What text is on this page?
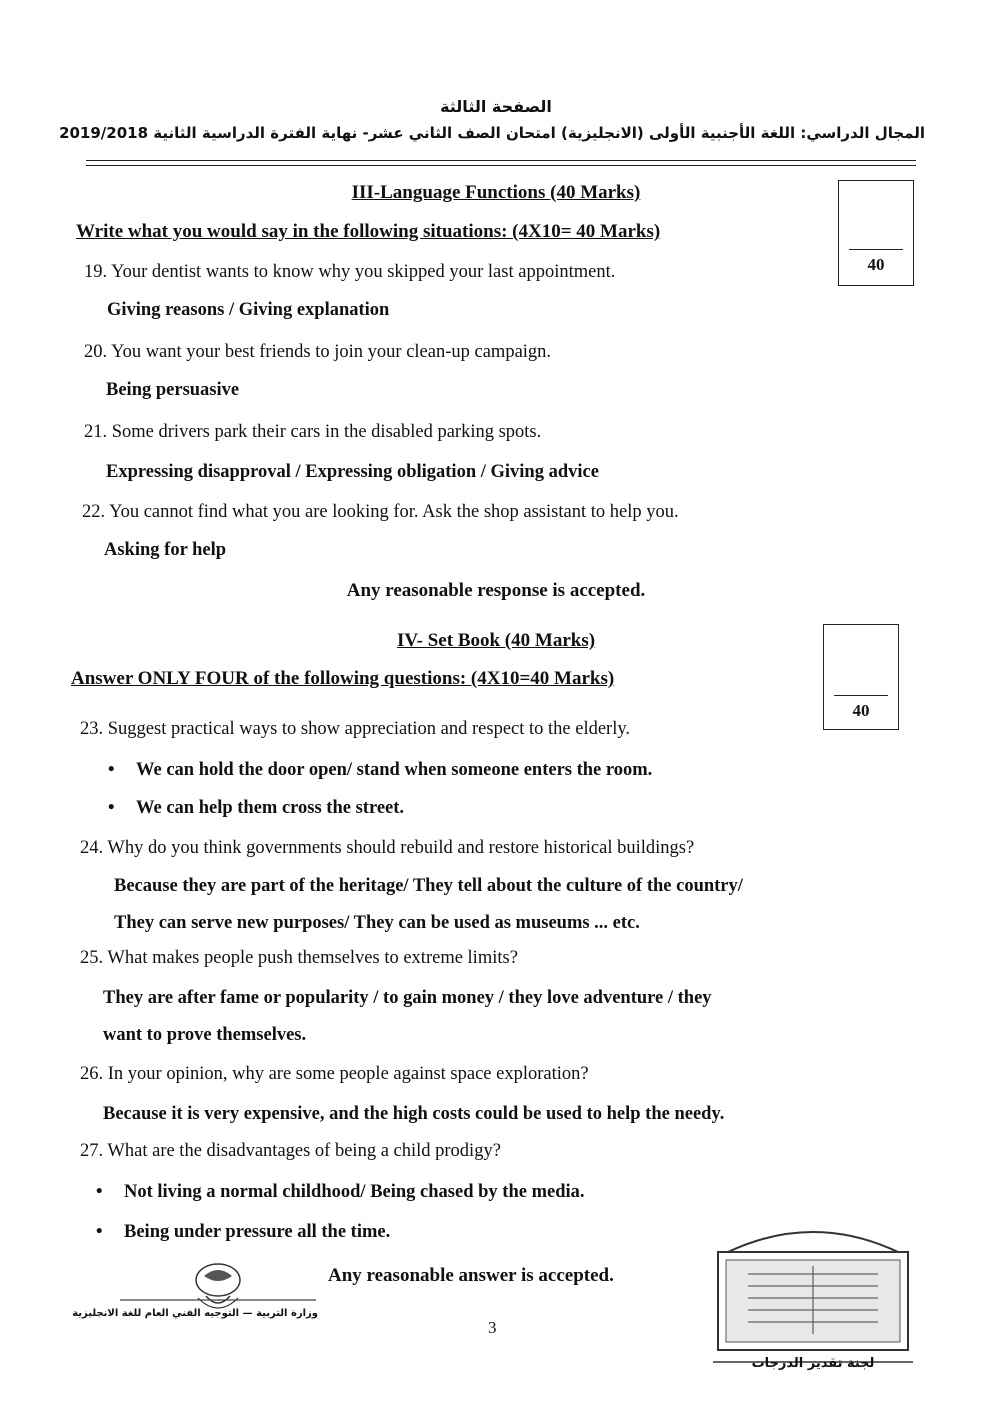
الصفحة الثالثة
المجال الدراسي: اللغة الأجنبية الأولى (الانجليزية) امتحان الصف الثاني عشر- نهاية الفترة الدراسية الثانية 2019/2018
III-Language Functions (40 Marks)
Write what you would say in the following situations: (4X10= 40 Marks)
40
19. Your dentist wants to know why you skipped your last appointment.
Giving reasons / Giving explanation
20. You want your best friends to join your clean-up campaign.
Being persuasive
21. Some drivers park their cars in the disabled parking spots.
Expressing disapproval / Expressing obligation / Giving advice
22. You cannot find what you are looking for. Ask the shop assistant to help you.
Asking for help
Any reasonable response is accepted.
IV- Set Book (40 Marks)
Answer ONLY FOUR of the following questions: (4X10=40 Marks)
40
23. Suggest practical ways to show appreciation and respect to the elderly.
• We can hold the door open/ stand when someone enters the room.
• We can help them cross the street.
24. Why do you think governments should rebuild and restore historical buildings?
Because they are part of the heritage/ They tell about the culture of the country/
They can serve new purposes/ They can be used as museums ... etc.
25. What makes people push themselves to extreme limits?
They are after fame or popularity / to gain money / they love adventure / they
want to prove themselves.
26. In your opinion, why are some people against space exploration?
Because it is very expensive, and the high costs could be used to help the needy.
27. What are the disadvantages of being a child prodigy?
• Not living a normal childhood/ Being chased by the media.
• Being under pressure all the time.
Any reasonable answer is accepted.
وزارة التربية — التوجيه الفني العام للغة الانجليزية
3
لجنة تقدير الدرجات
